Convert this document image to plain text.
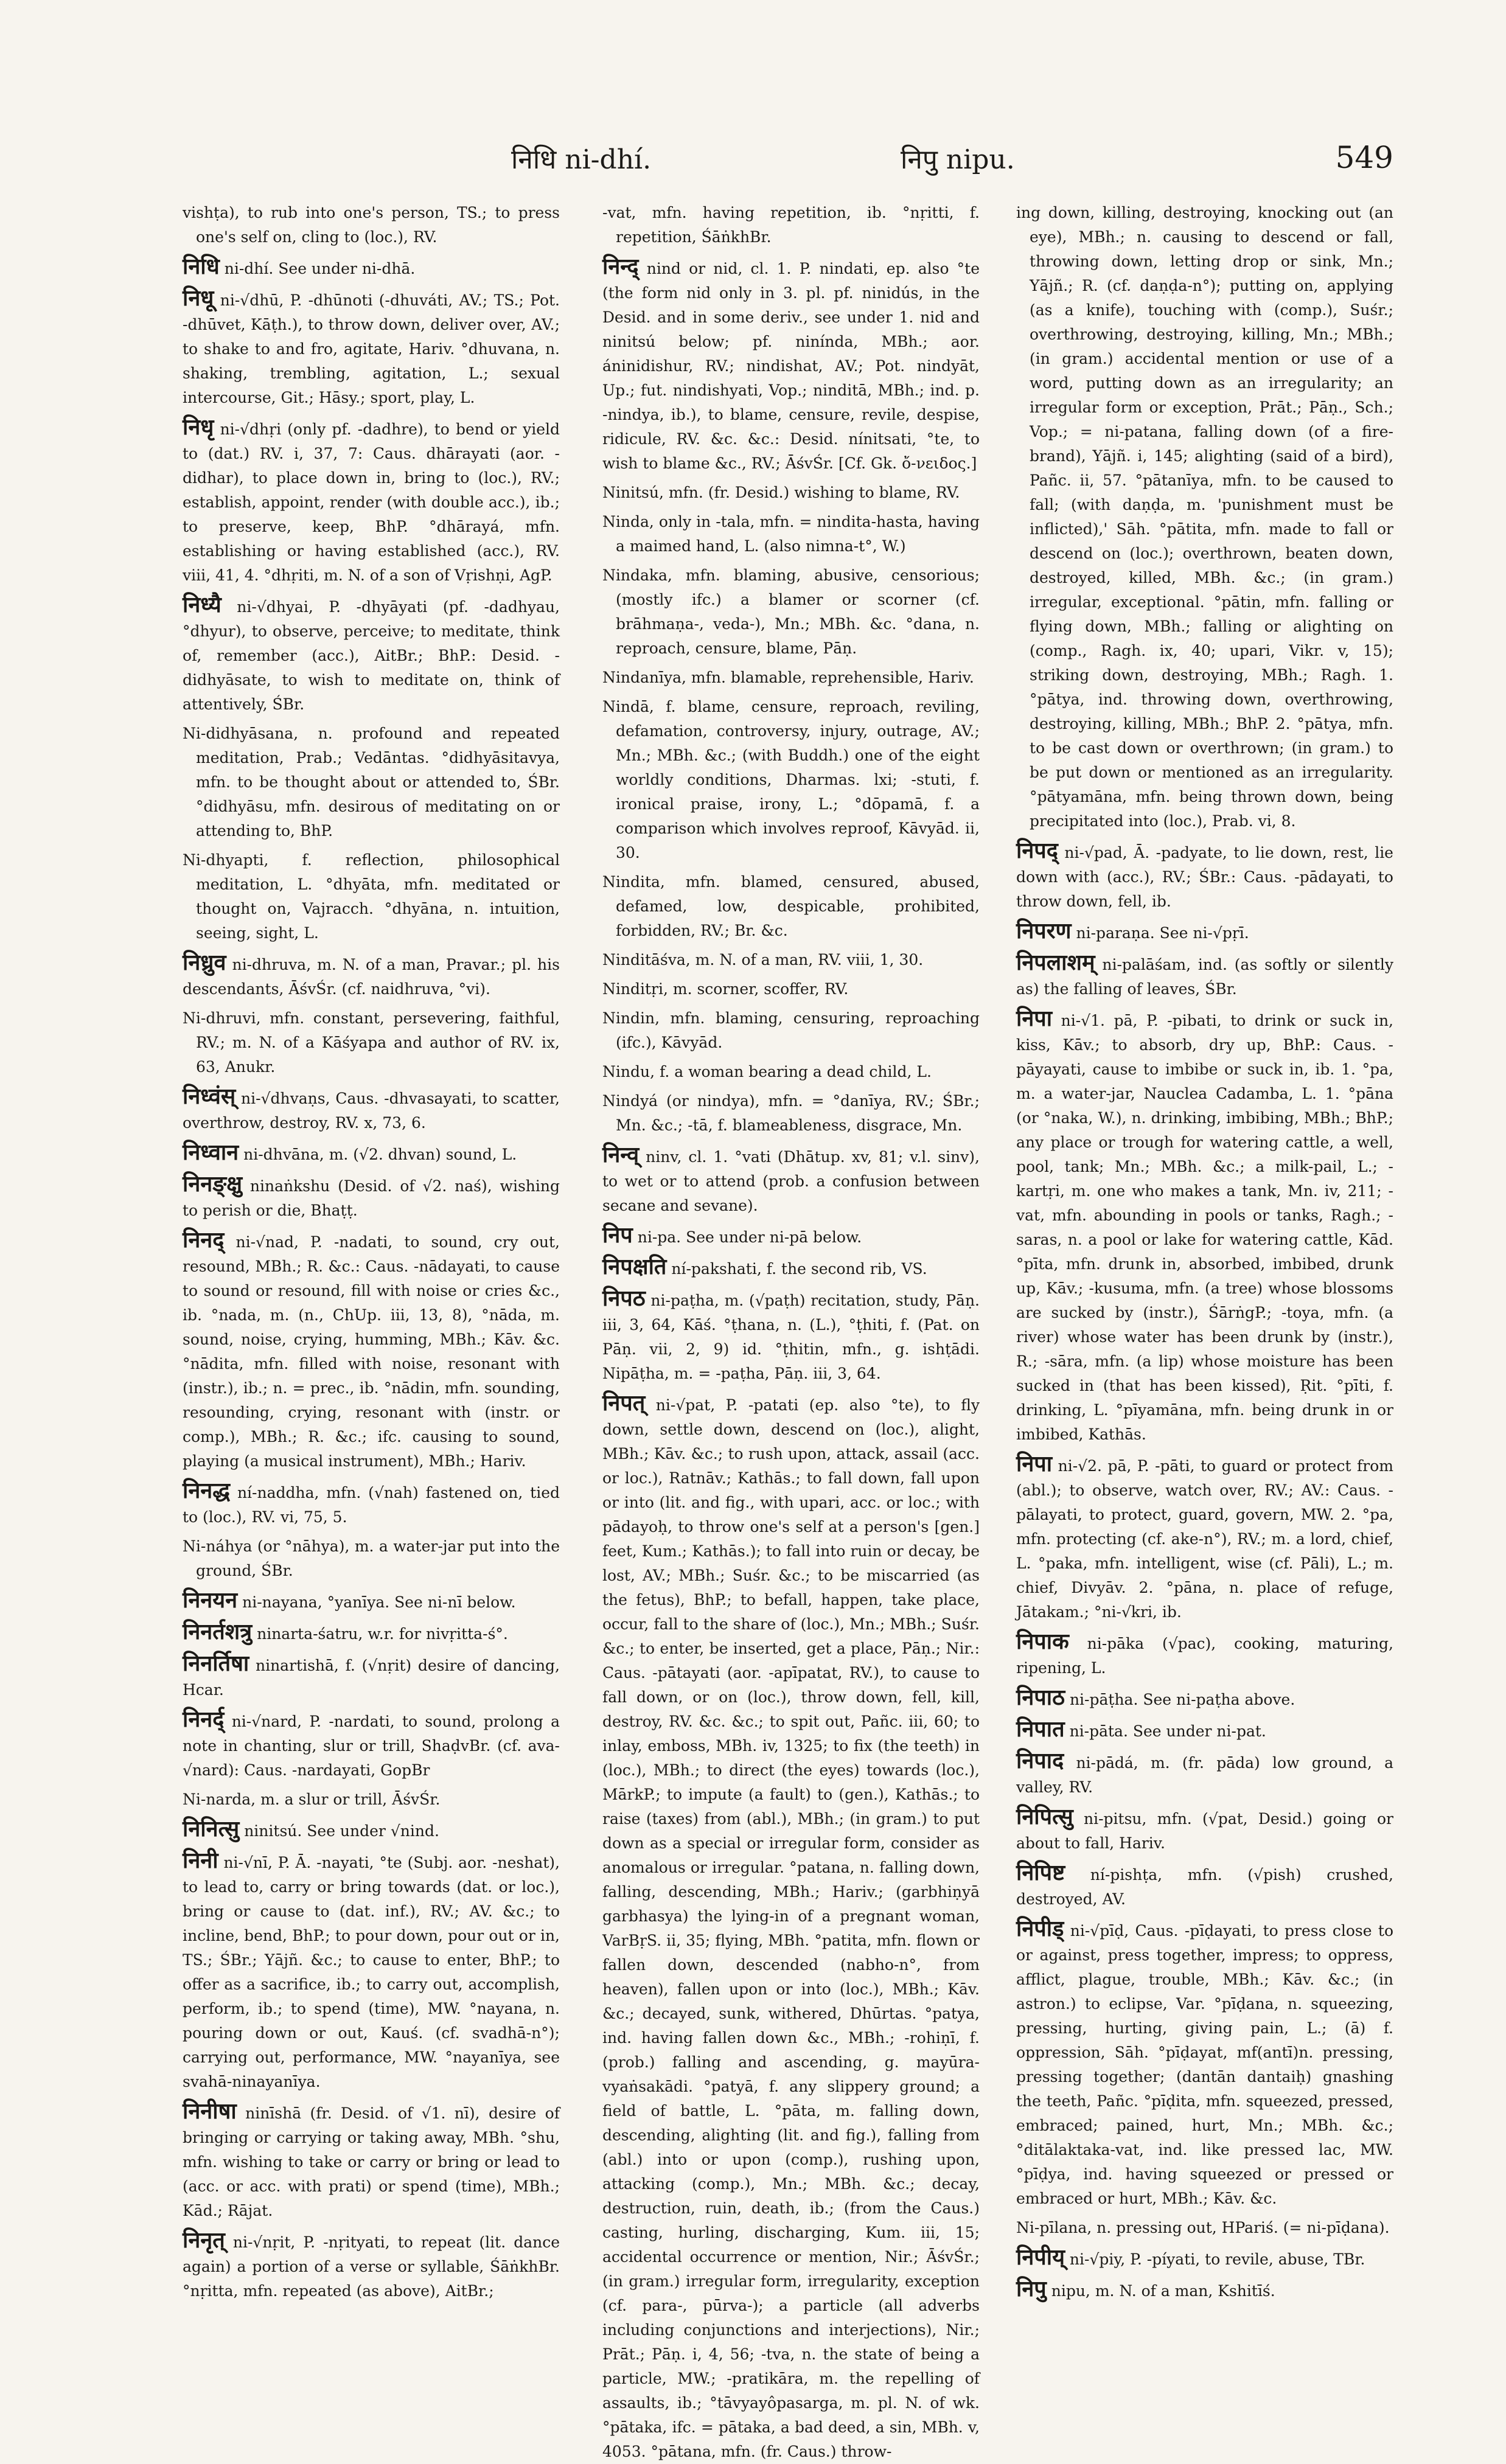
निधि ni-dhí.	निपु nipu.	549

vishṭa), to rub into one's person, TS.; to press one's self on, cling to (loc.), RV.

निधि ni-dhí. See under ni-dhā.

निधू ni-√dhū, P. -dhūnoti (-dhuváti, AV.; TS.; Pot. -dhūvet, Kāṭh.), to throw down, deliver over, AV.; to shake to and fro, agitate, Hariv. °dhuvana, n. shaking, trembling, agitation, L.; sexual intercourse, Git.; Hāsy.; sport, play, L.

निधृ ni-√dhṛi (only pf. -dadhre), to bend or yield to (dat.) RV. i, 37, 7: Caus. dhārayati (aor. -didhar), to place down in, bring to (loc.), RV.; establish, appoint, render (with double acc.), ib.; to preserve, keep, BhP. °dhārayá, mfn. establishing or having established (acc.), RV. viii, 41, 4. °dhṛiti, m. N. of a son of Vṛishṇi, AgP.

निध्यै ni-√dhyai, P. -dhyāyati (pf. -dadhyau, °dhyur), to observe, perceive; to meditate, think of, remember (acc.), AitBr.; BhP.: Desid. -didhyāsate, to wish to meditate on, think of attentively, ŚBr.

Ni-didhyāsana, n. profound and repeated meditation, Prab.; Vedāntas. °didhyāsitavya, mfn. to be thought about or attended to, ŚBr. °didhyāsu, mfn. desirous of meditating on or attending to, BhP.

Ni-dhyapti, f. reflection, philosophical meditation, L. °dhyāta, mfn. meditated or thought on, Vajracch. °dhyāna, n. intuition, seeing, sight, L.

निध्रुव ni-dhruva, m. N. of a man, Pravar.; pl. his descendants, ĀśvŚr. (cf. naidhruva, °vi).

Ni-dhruvi, mfn. constant, persevering, faithful, RV.; m. N. of a Kāśyapa and author of RV. ix, 63, Anukr.

निध्वंस् ni-√dhvaṇs, Caus. -dhvasayati, to scatter, overthrow, destroy, RV. x, 73, 6.

निध्वान ni-dhvāna, m. (√2. dhvan) sound, L.

निनङ्क्षु ninaṅkshu (Desid. of √2. naś), wishing to perish or die, Bhaṭṭ.

निनद् ni-√nad, P. -nadati, to sound, cry out, resound, MBh.; R. &c.: Caus. -nādayati, to cause to sound or resound, fill with noise or cries &c., ib. °nada, m. (n., ChUp. iii, 13, 8), °nāda, m. sound, noise, crying, humming, MBh.; Kāv. &c. °nādita, mfn. filled with noise, resonant with (instr.), ib.; n. = prec., ib. °nādin, mfn. sounding, resounding, crying, resonant with (instr. or comp.), MBh.; R. &c.; ifc. causing to sound, playing (a musical instrument), MBh.; Hariv.

निनद्ध ní-naddha, mfn. (√nah) fastened on, tied to (loc.), RV. vi, 75, 5.

Ni-náhya (or °nāhya), m. a water-jar put into the ground, ŚBr.

निनयन ni-nayana, °yanīya. See ni-nī below.

निनर्तशत्रु ninarta-śatru, w.r. for nivṛitta-ś°.

निनर्तिषा ninartishā, f. (√nṛit) desire of dancing, Hcar.

निनर्द् ni-√nard, P. -nardati, to sound, prolong a note in chanting, slur or trill, ShaḍvBr. (cf. ava-√nard): Caus. -nardayati, GopBr

Ni-narda, m. a slur or trill, ĀśvŚr.

निनित्सु ninitsú. See under √nind.

निनी ni-√nī, P. Ā. -nayati, °te (Subj. aor. -neshat), to lead to, carry or bring towards (dat. or loc.), bring or cause to (dat. inf.), RV.; AV. &c.; to incline, bend, BhP.; to pour down, pour out or in, TS.; ŚBr.; Yājñ. &c.; to cause to enter, BhP.; to offer as a sacrifice, ib.; to carry out, accomplish, perform, ib.; to spend (time), MW. °nayana, n. pouring down or out, Kauś. (cf. svadhā-n°); carrying out, performance, MW. °nayanīya, see svahā-ninayanīya.

निनीषा ninīshā (fr. Desid. of √1. nī), desire of bringing or carrying or taking away, MBh. °shu, mfn. wishing to take or carry or bring or lead to (acc. or acc. with prati) or spend (time), MBh.; Kād.; Rājat.

निनृत् ni-√nṛit, P. -nṛityati, to repeat (lit. dance again) a portion of a verse or syllable, ŚāṅkhBr. °nṛitta, mfn. repeated (as above), AitBr.;

-vat, mfn. having repetition, ib. °nṛitti, f. repetition, ŚāṅkhBr.

निन्द् nind or nid, cl. 1. P. nindati, ep. also °te (the form nid only in 3. pl. pf. ninidús, in the Desid. and in some deriv., see under 1. nid and ninitsú below; pf. ninínda, MBh.; aor. áninidishur, RV.; nindishat, AV.; Pot. nindyāt, Up.; fut. nindishyati, Vop.; ninditā, MBh.; ind. p. -nindya, ib.), to blame, censure, revile, despise, ridicule, RV. &c. &c.: Desid. nínitsati, °te, to wish to blame &c., RV.; ĀśvŚr. [Cf. Gk. ὄ-νειδος.]

Ninitsú, mfn. (fr. Desid.) wishing to blame, RV.

Ninda, only in -tala, mfn. = nindita-hasta, having a maimed hand, L. (also nimna-t°, W.)

Nindaka, mfn. blaming, abusive, censorious; (mostly ifc.) a blamer or scorner (cf. brāhmaṇa-, veda-), Mn.; MBh. &c. °dana, n. reproach, censure, blame, Pāṇ.

Nindanīya, mfn. blamable, reprehensible, Hariv.

Nindā, f. blame, censure, reproach, reviling, defamation, controversy, injury, outrage, AV.; Mn.; MBh. &c.; (with Buddh.) one of the eight worldly conditions, Dharmas. lxi; -stuti, f. ironical praise, irony, L.; °dōpamā, f. a comparison which involves reproof, Kāvyād. ii, 30.

Nindita, mfn. blamed, censured, abused, defamed, low, despicable, prohibited, forbidden, RV.; Br. &c.

Ninditāśva, m. N. of a man, RV. viii, 1, 30.

Ninditṛi, m. scorner, scoffer, RV.

Nindin, mfn. blaming, censuring, reproaching (ifc.), Kāvyād.

Nindu, f. a woman bearing a dead child, L.

Nindyá (or nindya), mfn. = °danīya, RV.; ŚBr.; Mn. &c.; -tā, f. blameableness, disgrace, Mn.

निन्व् ninv, cl. 1. °vati (Dhātup. xv, 81; v.l. sinv), to wet or to attend (prob. a confusion between secane and sevane).

निप ni-pa. See under ni-pā below.

निपक्षति ní-pakshati, f. the second rib, VS.

निपठ ni-paṭha, m. (√paṭh) recitation, study, Pāṇ. iii, 3, 64, Kāś. °ṭhana, n. (L.), °ṭhiti, f. (Pat. on Pāṇ. vii, 2, 9) id. °ṭhitin, mfn., g. ishṭādi. Nipāṭha, m. = -paṭha, Pāṇ. iii, 3, 64.

निपत् ni-√pat, P. -patati (ep. also °te), to fly down, settle down, descend on (loc.), alight, MBh.; Kāv. &c.; to rush upon, attack, assail (acc. or loc.), Ratnāv.; Kathās.; to fall down, fall upon or into (lit. and fig., with upari, acc. or loc.; with pādayoḥ, to throw one's self at a person's [gen.] feet, Kum.; Kathās.); to fall into ruin or decay, be lost, AV.; MBh.; Suśr. &c.; to be miscarried (as the fetus), BhP.; to befall, happen, take place, occur, fall to the share of (loc.), Mn.; MBh.; Suśr. &c.; to enter, be inserted, get a place, Pāṇ.; Nir.: Caus. -pātayati (aor. -apīpatat, RV.), to cause to fall down, or on (loc.), throw down, fell, kill, destroy, RV. &c. &c.; to spit out, Pañc. iii, 60; to inlay, emboss, MBh. iv, 1325; to fix (the teeth) in (loc.), MBh.; to direct (the eyes) towards (loc.), MārkP.; to impute (a fault) to (gen.), Kathās.; to raise (taxes) from (abl.), MBh.; (in gram.) to put down as a special or irregular form, consider as anomalous or irregular. °patana, n. falling down, falling, descending, MBh.; Hariv.; (garbhiṇyā garbhasya) the lying-in of a pregnant woman, VarBṛS. ii, 35; flying, MBh. °patita, mfn. flown or fallen down, descended (nabho-n°, from heaven), fallen upon or into (loc.), MBh.; Kāv. &c.; decayed, sunk, withered, Dhūrtas. °patya, ind. having fallen down &c., MBh.; -rohiṇī, f. (prob.) falling and ascending, g. mayūra-vyaṅsakādi. °patyā, f. any slippery ground; a field of battle, L. °pāta, m. falling down, descending, alighting (lit. and fig.), falling from (abl.) into or upon (comp.), rushing upon, attacking (comp.), Mn.; MBh. &c.; decay, destruction, ruin, death, ib.; (from the Caus.) casting, hurling, discharging, Kum. iii, 15; accidental occurrence or mention, Nir.; ĀśvŚr.; (in gram.) irregular form, irregularity, exception (cf. para-, pūrva-); a particle (all adverbs including conjunctions and interjections), Nir.; Prāt.; Pāṇ. i, 4, 56; -tva, n. the state of being a particle, MW.; -pratikāra, m. the repelling of assaults, ib.; °tāvyayôpasarga, m. pl. N. of wk. °pātaka, ifc. = pātaka, a bad deed, a sin, MBh. v, 4053. °pātana, mfn. (fr. Caus.) throw-

ing down, killing, destroying, knocking out (an eye), MBh.; n. causing to descend or fall, throwing down, letting drop or sink, Mn.; Yājñ.; R. (cf. daṇḍa-n°); putting on, applying (as a knife), touching with (comp.), Suśr.; overthrowing, destroying, killing, Mn.; MBh.; (in gram.) accidental mention or use of a word, putting down as an irregularity; an irregular form or exception, Prāt.; Pāṇ., Sch.; Vop.; = ni-patana, falling down (of a fire-brand), Yājñ. i, 145; alighting (said of a bird), Pañc. ii, 57. °pātanīya, mfn. to be caused to fall; (with daṇḍa, m. 'punishment must be inflicted),' Sāh. °pātita, mfn. made to fall or descend on (loc.); overthrown, beaten down, destroyed, killed, MBh. &c.; (in gram.) irregular, exceptional. °pātin, mfn. falling or flying down, MBh.; falling or alighting on (comp., Ragh. ix, 40; upari, Vikr. v, 15); striking down, destroying, MBh.; Ragh. 1. °pātya, ind. throwing down, overthrowing, destroying, killing, MBh.; BhP. 2. °pātya, mfn. to be cast down or overthrown; (in gram.) to be put down or mentioned as an irregularity. °pātyamāna, mfn. being thrown down, being precipitated into (loc.), Prab. vi, 8.

निपद् ni-√pad, Ā. -padyate, to lie down, rest, lie down with (acc.), RV.; ŚBr.: Caus. -pādayati, to throw down, fell, ib.

निपरण ni-paraṇa. See ni-√pṛī.

निपलाशम् ni-palāśam, ind. (as softly or silently as) the falling of leaves, ŚBr.

निपा ni-√1. pā, P. -pibati, to drink or suck in, kiss, Kāv.; to absorb, dry up, BhP.: Caus. -pāyayati, cause to imbibe or suck in, ib. 1. °pa, m. a water-jar, Nauclea Cadamba, L. 1. °pāna (or °naka, W.), n. drinking, imbibing, MBh.; BhP.; any place or trough for watering cattle, a well, pool, tank; Mn.; MBh. &c.; a milk-pail, L.; -kartṛi, m. one who makes a tank, Mn. iv, 211; -vat, mfn. abounding in pools or tanks, Ragh.; -saras, n. a pool or lake for watering cattle, Kād. °pīta, mfn. drunk in, absorbed, imbibed, drunk up, Kāv.; -kusuma, mfn. (a tree) whose blossoms are sucked by (instr.), ŚārṅgP.; -toya, mfn. (a river) whose water has been drunk by (instr.), R.; -sāra, mfn. (a lip) whose moisture has been sucked in (that has been kissed), Ṛit. °pīti, f. drinking, L. °pīyamāna, mfn. being drunk in or imbibed, Kathās.

निपा ni-√2. pā, P. -pāti, to guard or protect from (abl.); to observe, watch over, RV.; AV.: Caus. -pālayati, to protect, guard, govern, MW. 2. °pa, mfn. protecting (cf. ake-n°), RV.; m. a lord, chief, L. °paka, mfn. intelligent, wise (cf. Pāli), L.; m. chief, Divyāv. 2. °pāna, n. place of refuge, Jātakam.; °ni-√kri, ib.

निपाक ni-pāka (√pac), cooking, maturing, ripening, L.

निपाठ ni-pāṭha. See ni-paṭha above.

निपात ni-pāta. See under ni-pat.

निपाद ni-pādá, m. (fr. pāda) low ground, a valley, RV.

निपित्सु ni-pitsu, mfn. (√pat, Desid.) going or about to fall, Hariv.

निपिष्ट ní-pishṭa, mfn. (√pish) crushed, destroyed, AV.

निपीड् ni-√pīḍ, Caus. -pīḍayati, to press close to or against, press together, impress; to oppress, afflict, plague, trouble, MBh.; Kāv. &c.; (in astron.) to eclipse, Var. °pīḍana, n. squeezing, pressing, hurting, giving pain, L.; (ā) f. oppression, Sāh. °pīḍayat, mf(antī)n. pressing, pressing together; (dantān dantaiḥ) gnashing the teeth, Pañc. °pīḍita, mfn. squeezed, pressed, embraced; pained, hurt, Mn.; MBh. &c.; °ditālaktaka-vat, ind. like pressed lac, MW. °pīḍya, ind. having squeezed or pressed or embraced or hurt, MBh.; Kāv. &c.

Ni-pīlana, n. pressing out, HPariś. (= ni-pīḍana).

निपीय् ni-√piy, P. -píyati, to revile, abuse, TBr.

निपु nipu, m. N. of a man, Kshitīś.
